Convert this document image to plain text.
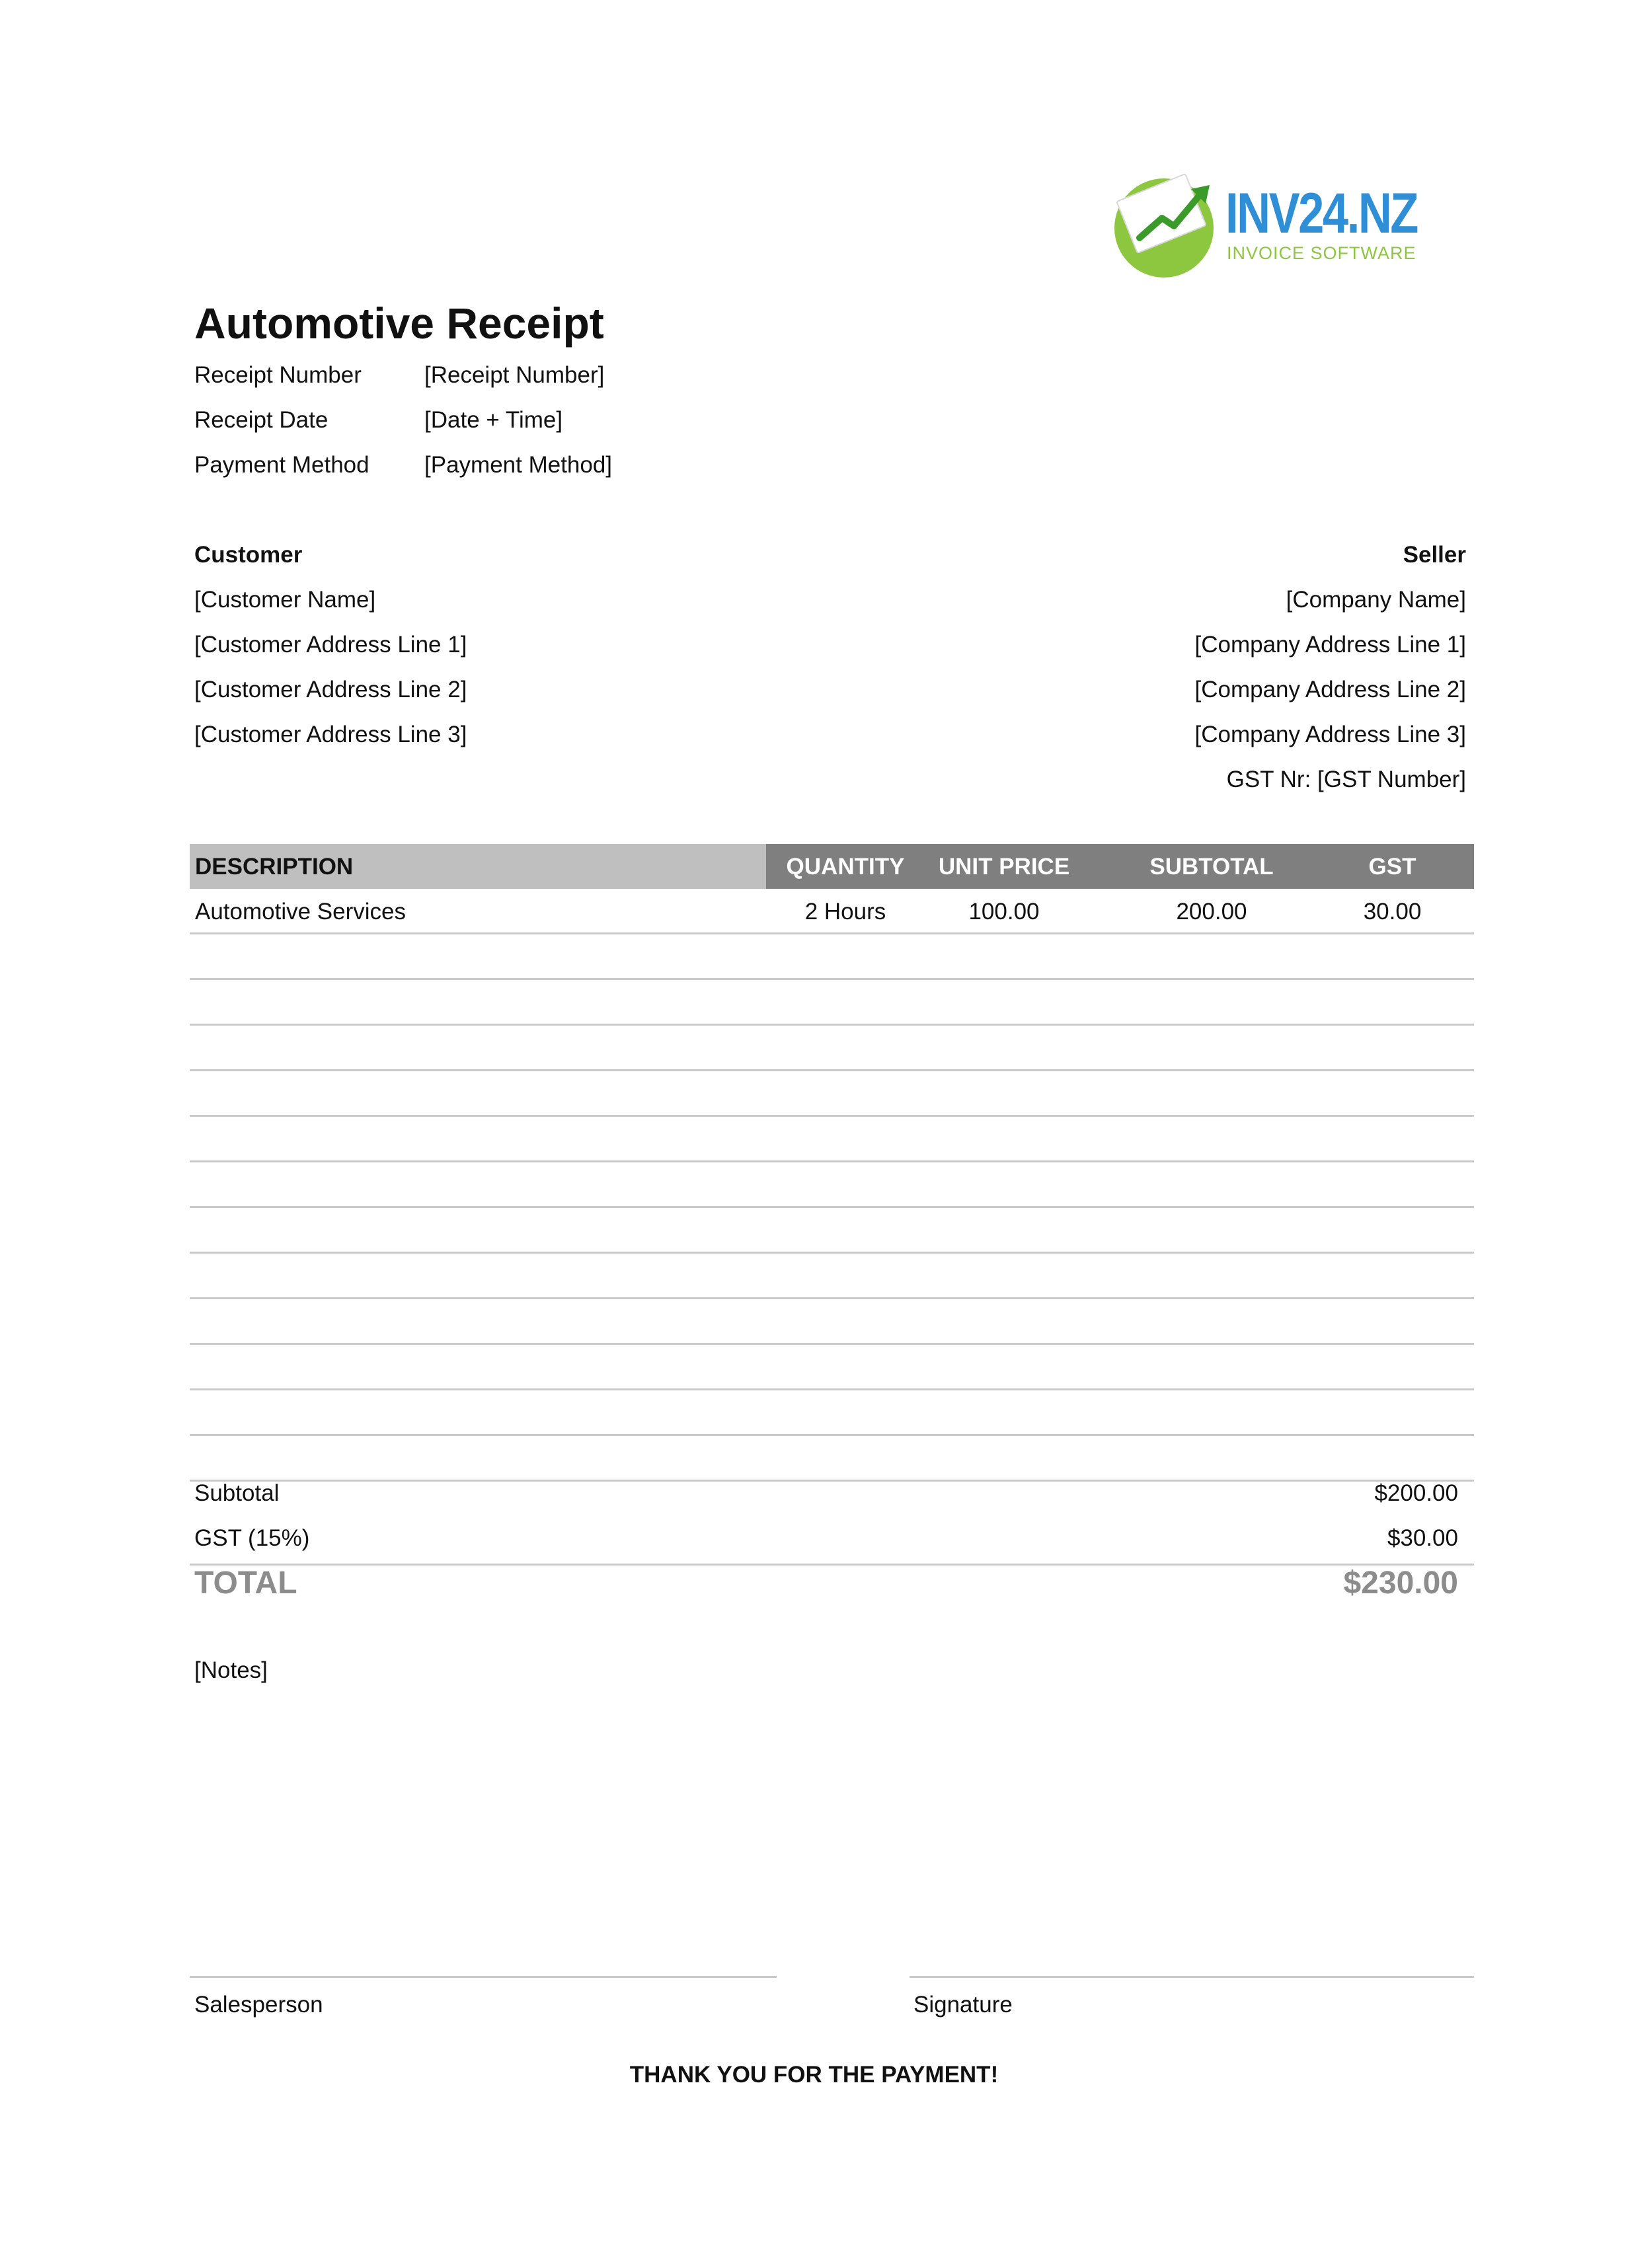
INV24.NZ
INVOICE SOFTWARE
Automotive Receipt
Receipt Number	[Receipt Number]
Receipt Date	[Date + Time]
Payment Method [Payment Method]
Customer
[Customer Name]
[Customer Address Line 1]
[Customer Address Line 2]
[Customer Address Line 3]
Seller
[Company Name]
[Company Address Line 1]
[Company Address Line 2]
[Company Address Line 3]
GST Nr: [GST Number]
DESCRIPTION	QUANTITY	UNIT PRICE	SUBTOTAL	GST
Automotive Services	2 Hours	100.00	200.00	30.00
Subtotal	$200.00
GST (15%)	$30.00
TOTAL	$230.00
[Notes]
Salesperson	Signature
THANK YOU FOR THE PAYMENT!
